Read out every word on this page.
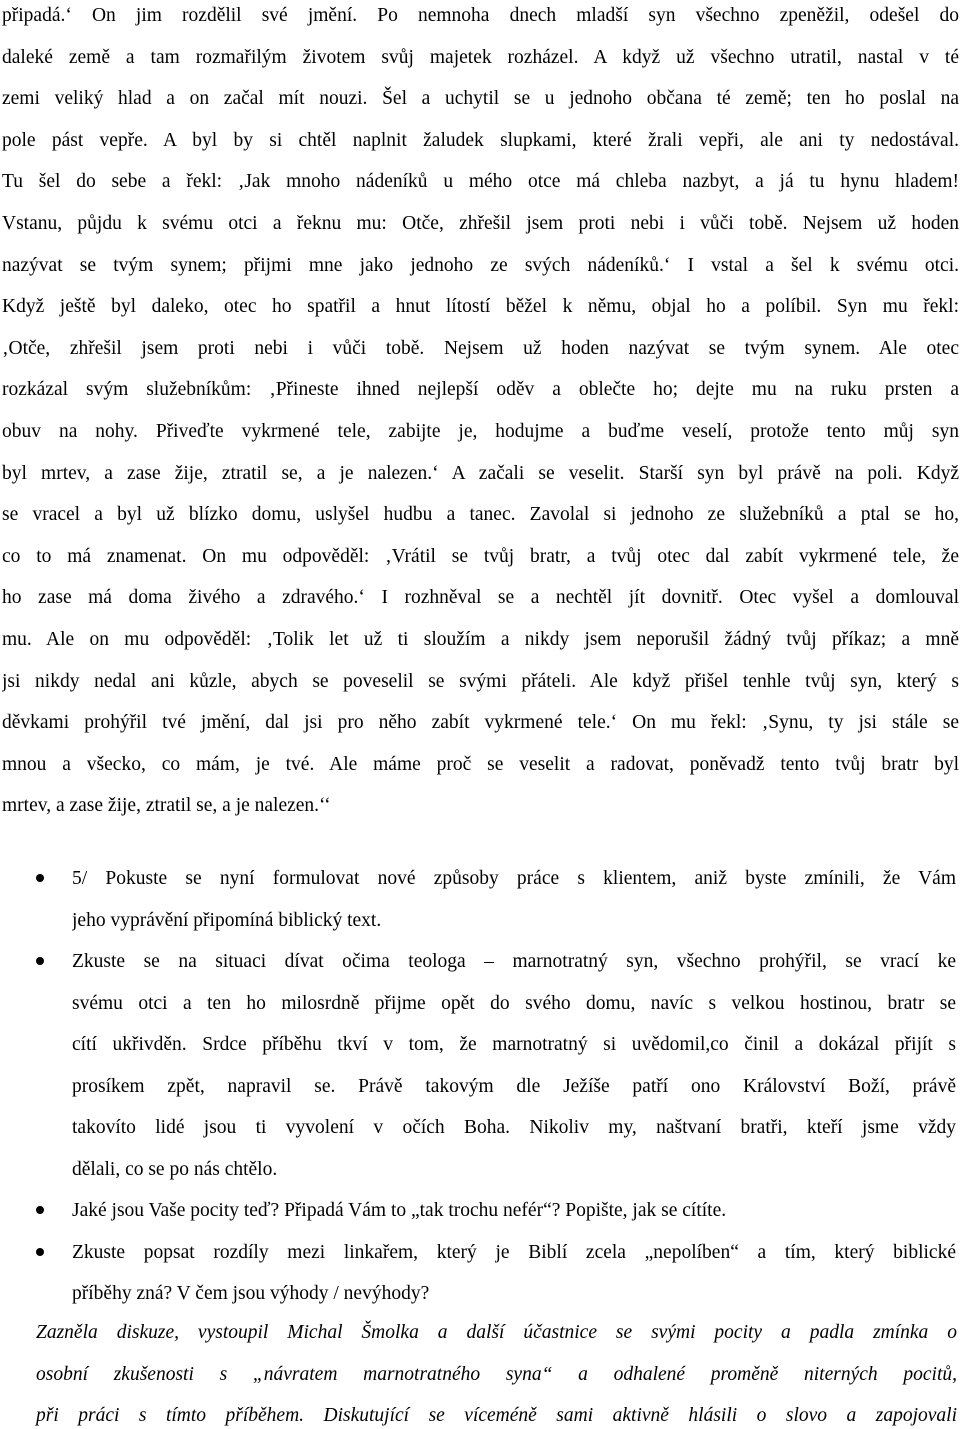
připadá.‘ On jim rozdělil své jmění. Po nemnoha dnech mladší syn všechno zpeněžil, odešel do
daleké země a tam rozmařilým životem svůj majetek rozházel. A když už všechno utratil, nastal v té
zemi veliký hlad a on začal mít nouzi. Šel a uchytil se u jednoho občana té země; ten ho poslal na
pole pást vepře. A byl by si chtěl naplnit žaludek slupkami, které žrali vepři, ale ani ty nedostával.
Tu šel do sebe a řekl: ‚Jak mnoho nádeníků u mého otce má chleba nazbyt, a já tu hynu hladem!
Vstanu, půjdu k svému otci a řeknu mu: Otče, zhřešil jsem proti nebi i vůči tobě. Nejsem už hoden
nazývat se tvým synem; přijmi mne jako jednoho ze svých nádeníků.‘ I vstal a šel k svému otci.
Když ještě byl daleko, otec ho spatřil a hnut lítostí běžel k němu, objal ho a políbil. Syn mu řekl:
‚Otče, zhřešil jsem proti nebi i vůči tobě. Nejsem už hoden nazývat se tvým synem. Ale otec
rozkázal svým služebníkům: ‚Přineste ihned nejlepší oděv a oblečte ho; dejte mu na ruku prsten a
obuv na nohy. Přiveďte vykrmené tele, zabijte je, hodujme a buďme veselí, protože tento můj syn
byl mrtev, a zase žije, ztratil se, a je nalezen.‘ A začali se veselit. Starší syn byl právě na poli. Když
se vracel a byl už blízko domu, uslyšel hudbu a tanec. Zavolal si jednoho ze služebníků a ptal se ho,
co to má znamenat. On mu odpověděl: ‚Vrátil se tvůj bratr, a tvůj otec dal zabít vykrmené tele, že
ho zase má doma živého a zdravého.‘ I rozhněval se a nechtěl jít dovnitř. Otec vyšel a domlouval
mu. Ale on mu odpověděl: ‚Tolik let už ti sloužím a nikdy jsem neporušil žádný tvůj příkaz; a mně
jsi nikdy nedal ani kůzle, abych se poveselil se svými přáteli. Ale když přišel tenhle tvůj syn, který s
děvkami prohýřil tvé jmění, dal jsi pro něho zabít vykrmené tele.‘ On mu řekl: ‚Synu, ty jsi stále se
mnou a všecko, co mám, je tvé. Ale máme proč se veselit a radovat, poněvadž tento tvůj bratr byl
mrtev, a zase žije, ztratil se, a je nalezen.‘‘
5/ Pokuste se nyní formulovat nové způsoby práce s klientem, aniž byste zmínili, že Vám
jeho vyprávění připomíná biblický text.
Zkuste se na situaci dívat očima teologa – marnotratný syn, všechno prohýřil, se vrací ke
svému otci a ten ho milosrdně přijme opět do svého domu, navíc s velkou hostinou, bratr se
cítí ukřivděn. Srdce příběhu tkví v tom, že marnotratný si uvědomil,co činil a dokázal přijít s
prosíkem zpět, napravil se. Právě takovým dle Ježíše patří ono Království Boží, právě
takovíto lidé jsou ti vyvolení v očích Boha. Nikoliv my, naštvaní bratři, kteří jsme vždy
dělali, co se po nás chtělo.
Jaké jsou Vaše pocity teď? Připadá Vám to „tak trochu nefér“? Popište, jak se cítíte.
Zkuste popsat rozdíly mezi linkařem, který je Biblí zcela „nepolíben“ a tím, který biblické
příběhy zná? V čem jsou výhody / nevýhody?
Zazněla diskuze, vystoupil Michal Šmolka a další účastnice se svými pocity a padla zmínka o
osobní zkušenosti s „návratem marnotratného syna“ a odhalené proměně niterných pocitů,
při práci s tímto příběhem. Diskutující se víceméně sami aktivně hlásili o slovo a zapojovali
